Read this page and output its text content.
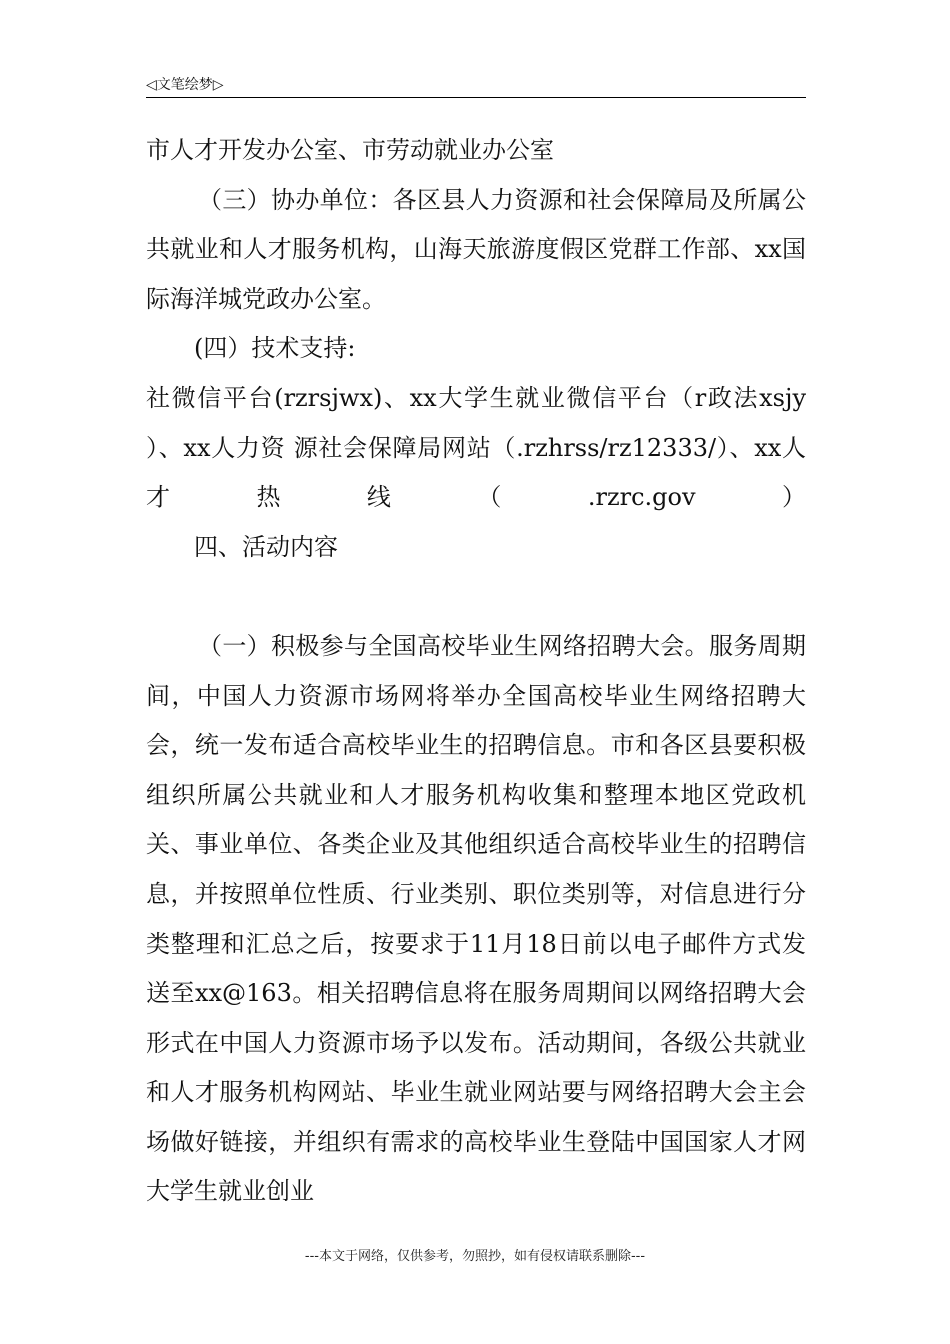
◁文笔绘梦▷

市人才开发办公室、市劳动就业办公室

（三）协办单位：各区县人力资源和社会保障局及所属公共就业和人才服务机构，山海天旅游度假区党群工作部、xx国际海洋城党政办公室。

(四）技术支持:

社微信平台(rzrsjwx)、xx大学生就业微信平台（r政法xsjy ）、xx人力资 源社会保障局网站（.rzhrss/rz12333/）、xx人才热线（.rzrc.gov）

四、活动内容

（一）积极参与全国高校毕业生网络招聘大会。服务周期间，中国人力资源市场网将举办全国高校毕业生网络招聘大会，统一发布适合高校毕业生的招聘信息。市和各区县要积极组织所属公共就业和人才服务机构收集和整理本地区党政机关、事业单位、各类企业及其他组织适合高校毕业生的招聘信息，并按照单位性质、行业类别、职位类别等，对信息进行分类整理和汇总之后，按要求于11月18日前以电子邮件方式发送至xx@163。相关招聘信息将在服务周期间以网络招聘大会形式在中国人力资源市场予以发布。活动期间，各级公共就业和人才服务机构网站、毕业生就业网站要与网络招聘大会主会场做好链接，并组织有需求的高校毕业生登陆中国国家人才网大学生就业创业

---本文于网络，仅供参考，勿照抄，如有侵权请联系删除---
